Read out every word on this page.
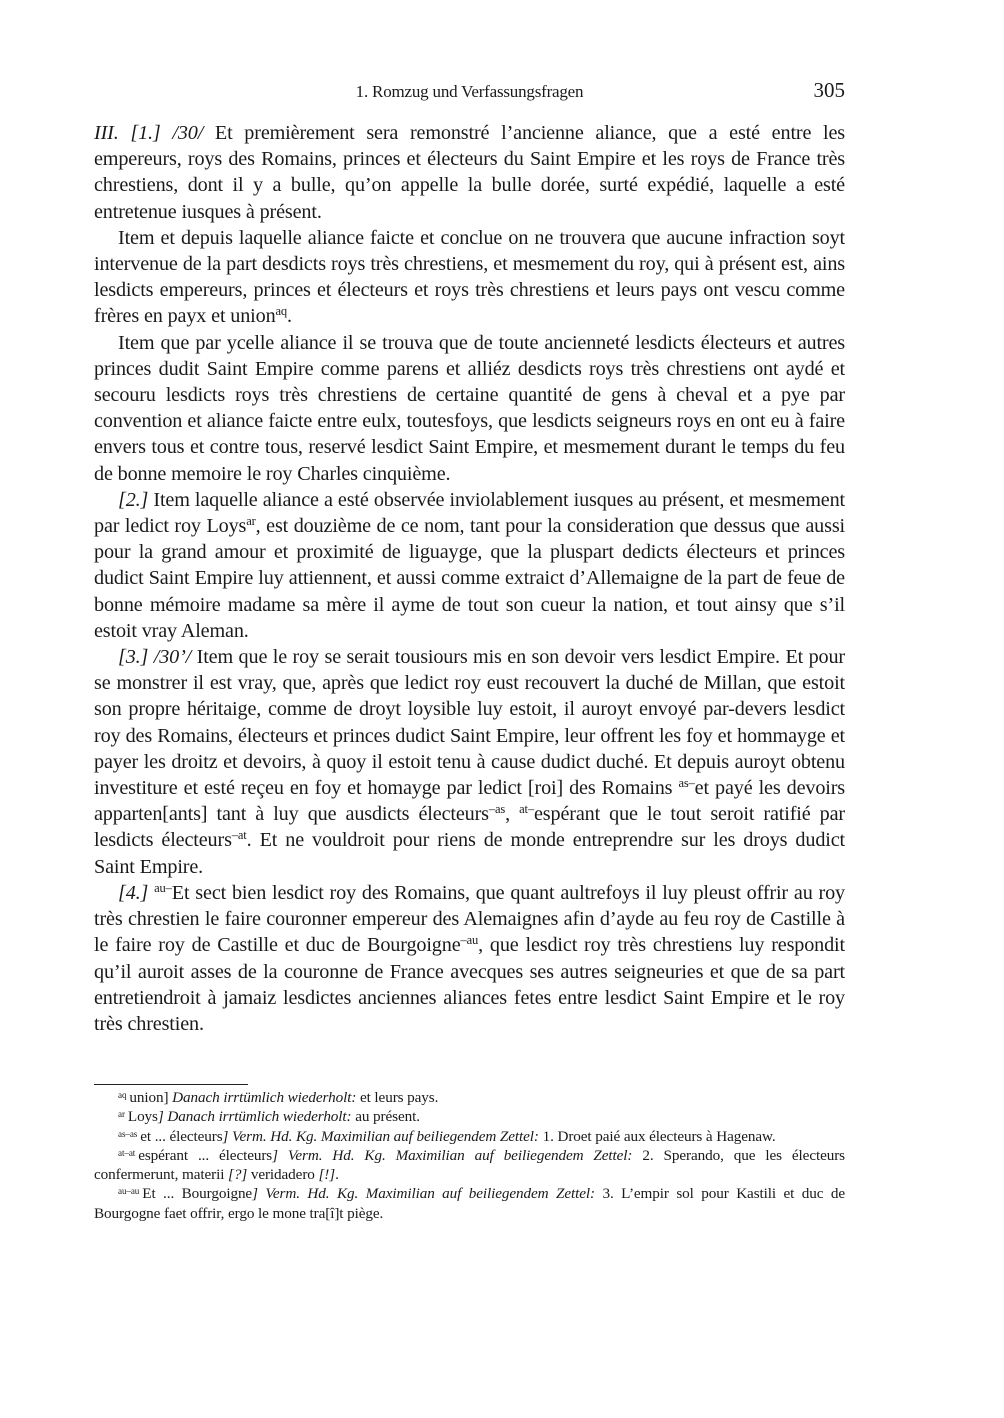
1. Romzug und Verfassungsfragen	305

III. [1.] /30/ Et premièrement sera remonstré l’ancienne aliance, que a esté entre les empereurs, roys des Romains, princes et électeurs du Saint Empire et les roys de France très chrestiens, dont il y a bulle, qu’on appelle la bulle dorée, surté expédié, laquelle a esté entretenue iusques à présent.

Item et depuis laquelle aliance faicte et conclue on ne trouvera que aucune infraction soyt intervenue de la part desdicts roys très chrestiens, et mesmement du roy, qui à présent est, ains lesdicts empereurs, princes et électeurs et roys très chrestiens et leurs pays ont vescu comme frères en payx et union$^{aq}$.

Item que par ycelle aliance il se trouva que de toute ancienneté lesdicts électeurs et autres princes dudit Saint Empire comme parens et alliéz desdicts roys très chrestiens ont aydé et secouru lesdicts roys très chrestiens de certaine quantité de gens à cheval et a pye par convention et aliance faicte entre eulx, toutesfoys, que lesdicts seigneurs roys en ont eu à faire envers tous et contre tous, reservé lesdict Saint Empire, et mesmement durant le temps du feu de bonne memoire le roy Charles cinquième.

[2.] Item laquelle aliance a esté observée inviolablement iusques au présent, et mesmement par ledict roy Loys$^{ar}$, est douzième de ce nom, tant pour la consideration que dessus que aussi pour la grand amour et proximité de liguayge, que la pluspart dedicts électeurs et princes dudict Saint Empire luy attiennent, et aussi comme extraict d’Allemaigne de la part de feue de bonne mémoire madame sa mère il ayme de tout son cueur la nation, et tout ainsy que s’il estoit vray Aleman.

[3.] /30’/ Item que le roy se serait tousiours mis en son devoir vers lesdict Empire. Et pour se monstrer il est vray, que, après que ledict roy eust recouvert la duché de Millan, que estoit son propre héritaige, comme de droyt loysible luy estoit, il auroyt envoyé par-devers lesdict roy des Romains, électeurs et princes dudict Saint Empire, leur offrent les foy et hommayge et payer les droitz et devoirs, à quoy il estoit tenu à cause dudict duché. Et depuis auroyt obtenu investiture et esté reçeu en foy et homayge par ledict [roi] des Romains $^{as-}$et payé les devoirs apparten[ants] tant à luy que ausdicts électeurs$^{-as}$, $^{at-}$espérant que le tout seroit ratifié par lesdicts électeurs$^{-at}$. Et ne vouldroit pour riens de monde entreprendre sur les droys dudict Saint Empire.

[4.] $^{au-}$Et sect bien lesdict roy des Romains, que quant aultrefoys il luy pleust offrir au roy très chrestien le faire couronner empereur des Alemaignes afin d’ayde au feu roy de Castille à le faire roy de Castille et duc de Bourgoigne$^{-au}$, que lesdict roy très chrestiens luy respondit qu’il auroit asses de la couronne de France avecques ses autres seigneuries et que de sa part entretiendroit à jamaiz lesdictes anciennes aliances fetes entre lesdict Saint Empire et le roy très chrestien.

$^{aq}$ union] Danach irrtümlich wiederholt: et leurs pays.

$^{ar}$ Loys] Danach irrtümlich wiederholt: au présent.

$^{as-as}$ et ... électeurs] Verm. Hd. Kg. Maximilian auf beiliegendem Zettel: 1. Droet paié aux électeurs à Hagenaw.

$^{at-at}$ espérant ... électeurs] Verm. Hd. Kg. Maximilian auf beiliegendem Zettel: 2. Sperando, que les électeurs confermerunt, materii [?] veridadero [!].

$^{au-au}$ Et ... Bourgoigne] Verm. Hd. Kg. Maximilian auf beiliegendem Zettel: 3. L’empir sol pour Kastili et duc de Bourgogne faet offrir, ergo le mone tra[î]t piège.
